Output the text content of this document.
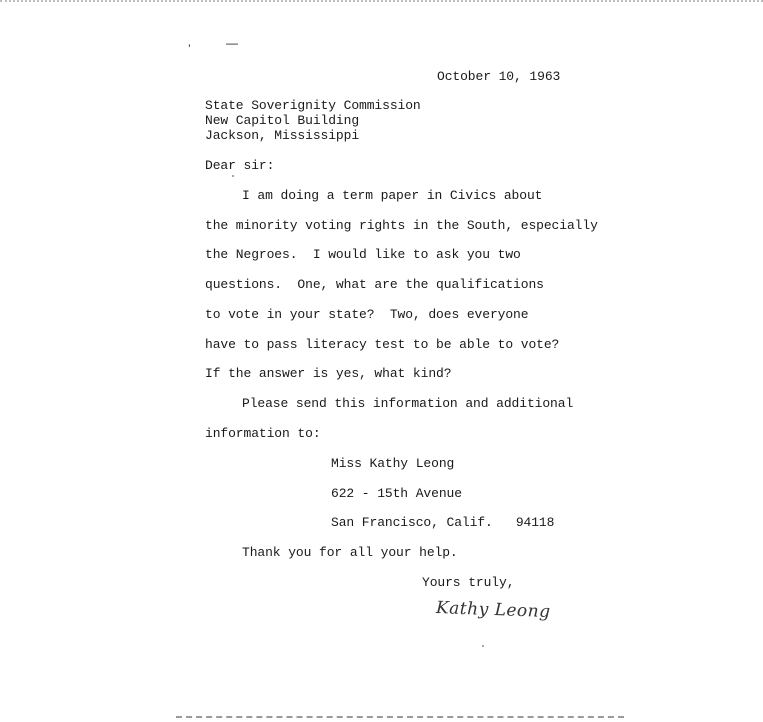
’	—
October 10, 1963
State Soverignity Commission
New Capitol Building
Jackson, Mississippi
Dear sir:
I am doing a term paper in Civics about
the minority voting rights in the South, especially
the Negroes.  I would like to ask you two
questions.  One, what are the qualifications
to vote in your state?  Two, does everyone
have to pass literacy test to be able to vote?
If the answer is yes, what kind?
Please send this information and additional
information to:
Miss Kathy Leong
622 - 15th Avenue
San Francisco, Calif.   94118
Thank you for all your help.
Yours truly,
Kathy Leong
